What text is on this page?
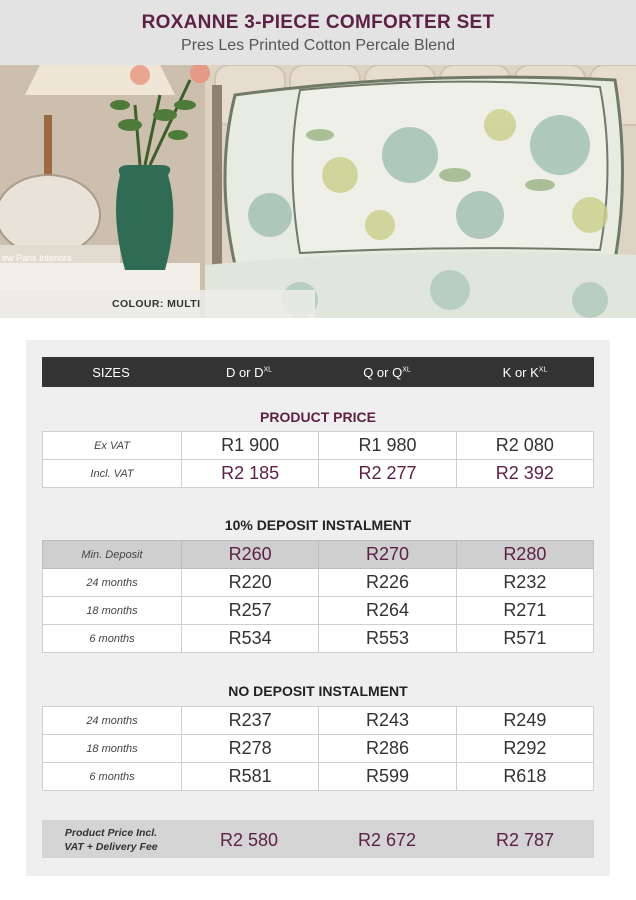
ROXANNE 3-PIECE COMFORTER SET
Pres Les Printed Cotton Percale Blend
ew Paris Interiors
COLOUR: MULTI
SIZES	D or $D^{XL}$	Q or $Q^{XL}$	K or $K^{XL}$
PRODUCT PRICE
Ex VAT	R1 900	R1 980	R2 080
Incl. VAT	R2 185	R2 277	R2 392
10% DEPOSIT INSTALMENT
Min. Deposit	R260	R270	R280
24 months	R220	R226	R232
18 months	R257	R264	R271
6 months	R534	R553	R571
NO DEPOSIT INSTALMENT
24 months	R237	R243	R249
18 months	R278	R286	R292
6 months	R581	R599	R618
Product Price Incl.
VAT + Delivery Fee	R2 580	R2 672	R2 787
